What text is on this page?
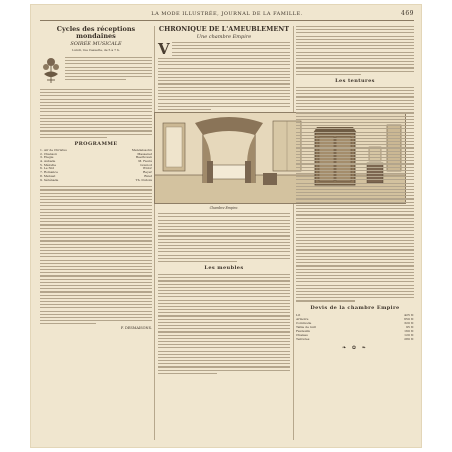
LA MODE ILLUSTRÉE, JOURNAL DE LA FAMILLE.	469

Cycles des réceptions mondaines

SOIRÉE MUSICALE

Lundi, rue Cassette, de 5 à 7 h.

PROGRAMME

1. Air de Christus	Mendelssohn
2. Chanson	Massenet
3. Elegie	Beethoven
4. Aubade	M. Fauré
5. Mélodie	Gounod
6. Le Nid	Widor
7. Romance	Reyer
8. Menuet	Bizet
9. Sérénade	Th. Dubois
F. DESMAISONS.

CHRONIQUE DE L'AMEUBLEMENT

Une chambre Empire

V

Chambre Empire.

Les meubles

Les tentures

Devis de la chambre Empire

Lit	425 fr.
Armoire	650 fr.
Commode	320 fr.
Table de nuit	95 fr.
Fauteuils	160 fr.
Chaises	120 fr.
Tentures	280 fr.
❧ ✿ ❧
